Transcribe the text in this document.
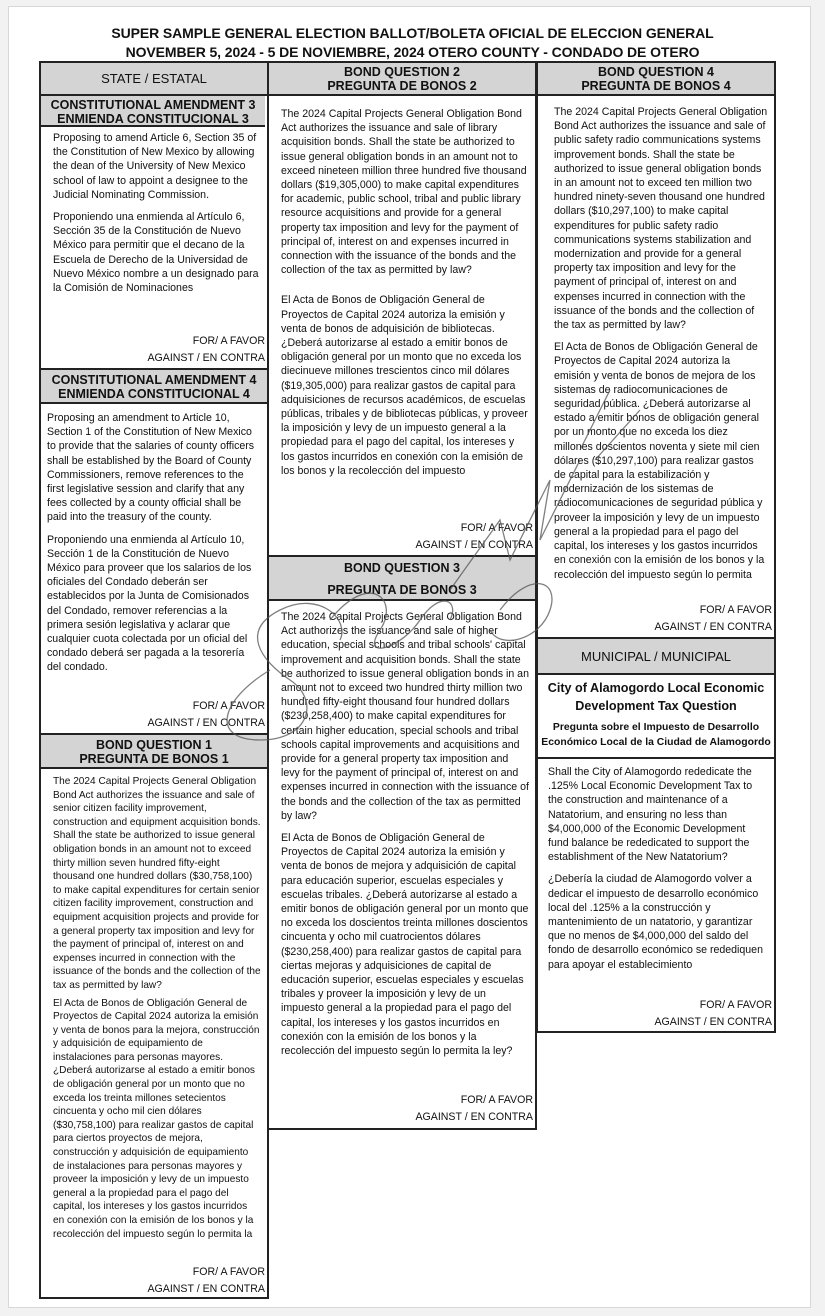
SUPER SAMPLE GENERAL ELECTION BALLOT/BOLETA OFICIAL DE ELECCION GENERAL
NOVEMBER 5, 2024 - 5 DE NOVIEMBRE, 2024 OTERO COUNTY - CONDADO DE OTERO
STATE / ESTATAL
CONSTITUTIONAL AMENDMENT 3
ENMIENDA CONSTITUCIONAL 3

Proposing to amend Article 6, Section 35 of the Constitution of New Mexico by allowing the dean of the University of New Mexico school of law to appoint a designee to the Judicial Nominating Commission.

Proponiendo una enmienda al Artículo 6, Sección 35 de la Constitución de Nuevo México para permitir que el decano de la Escuela de Derecho de la Universidad de Nuevo México nombre a un designado para la Comisión de Nominaciones

FOR/ A FAVOR
AGAINST / EN CONTRA
CONSTITUTIONAL AMENDMENT 4
ENMIENDA CONSTITUCIONAL 4

Proposing an amendment to Article 10, Section 1 of the Constitution of New Mexico to provide that the salaries of county officers shall be established by the Board of County Commissioners, remove references to the first legislative session and clarify that any fees collected by a county official shall be paid into the treasury of the county.

Proponiendo una enmienda al Artículo 10, Sección 1 de la Constitución de Nuevo México para proveer que los salarios de los oficiales del Condado deberán ser establecidos por la Junta de Comisionados del Condado, remover referencias a la primera sesión legislativa y aclarar que cualquier cuota colectada por un oficial del condado deberá ser pagada a la tesorería del condado.

FOR/ A FAVOR
AGAINST / EN CONTRA
BOND QUESTION 1
PREGUNTA DE BONOS 1

The 2024 Capital Projects General Obligation Bond Act authorizes the issuance and sale of senior citizen facility improvement, construction and equipment acquisition bonds. Shall the state be authorized to issue general obligation bonds in an amount not to exceed thirty million seven hundred fifty-eight thousand one hundred dollars ($30,758,100) to make capital expenditures for certain senior citizen facility improvement, construction and equipment acquisition projects and provide for a general property tax imposition and levy for the payment of principal of, interest on and expenses incurred in connection with the issuance of the bonds and the collection of the tax as permitted by law?

El Acta de Bonos de Obligación General de Proyectos de Capital 2024 autoriza la emisión y venta de bonos para la mejora, construcción y adquisición de equipamiento de instalaciones para personas mayores. ¿Deberá autorizarse al estado a emitir bonos de obligación general por un monto que no exceda los treinta millones setecientos cincuenta y ocho mil cien dólares ($30,758,100) para realizar gastos de capital para ciertos proyectos de mejora, construcción y adquisición de equipamiento de instalaciones para personas mayores y proveer la imposición y levy de un impuesto general a la propiedad para el pago del capital, los intereses y los gastos incurridos en conexión con la emisión de los bonos y la recolección del impuesto según lo permita la

FOR/ A FAVOR
AGAINST / EN CONTRA
BOND QUESTION 2
PREGUNTA DE BONOS 2

The 2024 Capital Projects General Obligation Bond Act authorizes the issuance and sale of library acquisition bonds. Shall the state be authorized to issue general obligation bonds in an amount not to exceed nineteen million three hundred five thousand dollars ($19,305,000) to make capital expenditures for academic, public school, tribal and public library resource acquisitions and provide for a general property tax imposition and levy for the payment of principal of, interest on and expenses incurred in connection with the issuance of the bonds and the collection of the tax as permitted by law?

El Acta de Bonos de Obligación General de Proyectos de Capital 2024 autoriza la emisión y venta de bonos de adquisición de bibliotecas. ¿Deberá autorizarse al estado a emitir bonos de obligación general por un monto que no exceda los diecinueve millones trescientos cinco mil dólares ($19,305,000) para realizar gastos de capital para adquisiciones de recursos académicos, de escuelas públicas, tribales y de bibliotecas públicas, y proveer la imposición y levy de un impuesto general a la propiedad para el pago del capital, los intereses y los gastos incurridos en conexión con la emisión de los bonos y la recolección del impuesto

FOR/ A FAVOR
AGAINST / EN CONTRA
BOND QUESTION 3
PREGUNTA DE BONOS 3

The 2024 Capital Projects General Obligation Bond Act authorizes the issuance and sale of higher education, special schools and tribal schools' capital improvement and acquisition bonds. Shall the state be authorized to issue general obligation bonds in an amount not to exceed two hundred thirty million two hundred fifty-eight thousand four hundred dollars ($230,258,400) to make capital expenditures for certain higher education, special schools and tribal schools capital improvements and acquisitions and provide for a general property tax imposition and levy for the payment of principal of, interest on and expenses incurred in connection with the issuance of the bonds and the collection of the tax as permitted by law?

El Acta de Bonos de Obligación General de Proyectos de Capital 2024 autoriza la emisión y venta de bonos de mejora y adquisición de capital para educación superior, escuelas especiales y escuelas tribales. ¿Deberá autorizarse al estado a emitir bonos de obligación general por un monto que no exceda los doscientos treinta millones doscientos cincuenta y ocho mil cuatrocientos dólares ($230,258,400) para realizar gastos de capital para ciertas mejoras y adquisiciones de capital de educación superior, escuelas especiales y escuelas tribales y proveer la imposición y levy de un impuesto general a la propiedad para el pago del capital, los intereses y los gastos incurridos en conexión con la emisión de los bonos y la recolección del impuesto según lo permita la ley?

FOR/ A FAVOR
AGAINST / EN CONTRA
BOND QUESTION 4
PREGUNTA DE BONOS 4

The 2024 Capital Projects General Obligation Bond Act authorizes the issuance and sale of public safety radio communications systems improvement bonds. Shall the state be authorized to issue general obligation bonds in an amount not to exceed ten million two hundred ninety-seven thousand one hundred dollars ($10,297,100) to make capital expenditures for public safety radio communications systems stabilization and modernization and provide for a general property tax imposition and levy for the payment of principal of, interest on and expenses incurred in connection with the issuance of the bonds and the collection of the tax as permitted by law?

El Acta de Bonos de Obligación General de Proyectos de Capital 2024 autoriza la emisión y venta de bonos de mejora de los sistemas de radiocomunicaciones de seguridad pública. ¿Deberá autorizarse al estado a emitir bonos de obligación general por un monto que no exceda los diez millones doscientos noventa y siete mil cien dólares ($10,297,100) para realizar gastos de capital para la estabilización y modernización de los sistemas de radiocomunicaciones de seguridad pública y proveer la imposición y levy de un impuesto general a la propiedad para el pago del capital, los intereses y los gastos incurridos en conexión con la emisión de los bonos y la recolección del impuesto según lo permita

FOR/ A FAVOR
AGAINST / EN CONTRA
MUNICIPAL / MUNICIPAL
City of Alamogordo Local Economic
Development Tax Question
Pregunta sobre el Impuesto de Desarrollo
Económico Local de la Ciudad de Alamogordo

Shall the City of Alamogordo rededicate the .125% Local Economic Development Tax to the construction and maintenance of a Natatorium, and ensuring no less than $4,000,000 of the Economic Development fund balance be rededicated to support the establishment of the New Natatorium?

¿Debería la ciudad de Alamogordo volver a dedicar el impuesto de desarrollo económico local del .125% a la construcción y mantenimiento de un natatorio, y garantizar que no menos de $4,000,000 del saldo del fondo de desarrollo económico se redediquen para apoyar el establecimiento

FOR/ A FAVOR
AGAINST / EN CONTRA
